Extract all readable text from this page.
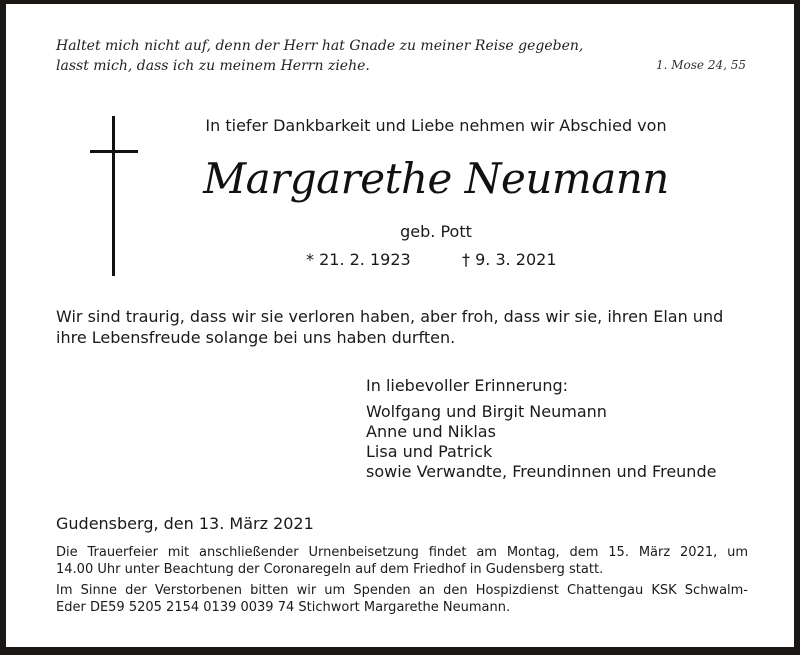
Haltet mich nicht auf, denn der Herr hat Gnade zu meiner Reise gegeben,
lasst mich, dass ich zu meinem Herrn ziehe.	1. Mose 24, 55
In tiefer Dankbarkeit und Liebe nehmen wir Abschied von
Margarethe Neumann
geb. Pott
* 21. 2. 1923	† 9. 3. 2021
Wir sind traurig, dass wir sie verloren haben, aber froh, dass wir sie, ihren Elan und
ihre Lebensfreude solange bei uns haben durften.
In liebevoller Erinnerung:
Wolfgang und Birgit Neumann
Anne und Niklas
Lisa und Patrick
sowie Verwandte, Freundinnen und Freunde
Gudensberg, den 13. März 2021
Die Trauerfeier mit anschließender Urnenbeisetzung findet am Montag, dem 15. März 2021, um
14.00 Uhr unter Beachtung der Coronaregeln auf dem Friedhof in Gudensberg statt.
Im Sinne der Verstorbenen bitten wir um Spenden an den Hospizdienst Chattengau KSK Schwalm-
Eder DE59 5205 2154 0139 0039 74 Stichwort Margarethe Neumann.
